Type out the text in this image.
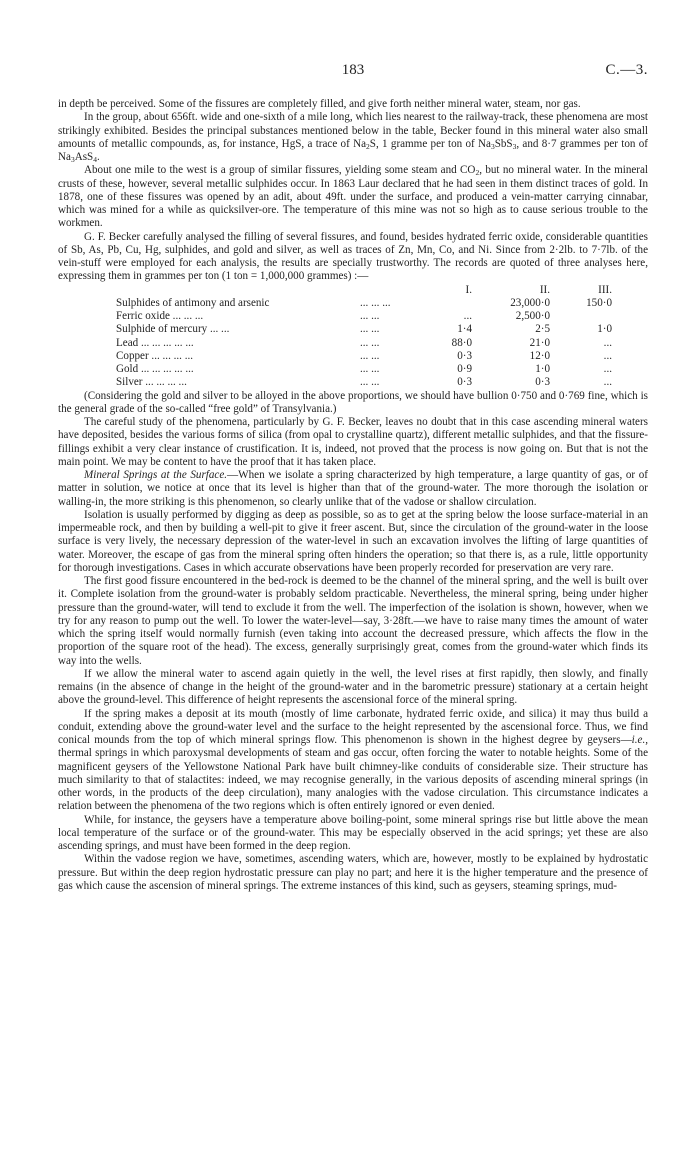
183	C.—3.

in depth be perceived. Some of the fissures are completely filled, and give forth neither mineral water, steam, nor gas.

In the group, about 656ft. wide and one-sixth of a mile long, which lies nearest to the railway-track, these phenomena are most strikingly exhibited. Besides the principal substances mentioned below in the table, Becker found in this mineral water also small amounts of metallic compounds, as, for instance, HgS, a trace of $Na_2S$, 1 gramme per ton of $Na_3SbS_3$, and 8·7 grammes per ton of $Na_3AsS_4$.

About one mile to the west is a group of similar fissures, yielding some steam and $CO_2$, but no mineral water. In the mineral crusts of these, however, several metallic sulphides occur. In 1863 Laur declared that he had seen in them distinct traces of gold. In 1878, one of these fissures was opened by an adit, about 49ft. under the surface, and produced a vein-matter carrying cinnabar, which was mined for a while as quicksilver-ore. The temperature of this mine was not so high as to cause serious trouble to the workmen.

G. F. Becker carefully analysed the filling of several fissures, and found, besides hydrated ferric oxide, considerable quantities of Sb, As, Pb, Cu, Hg, sulphides, and gold and silver, as well as traces of Zn, Mn, Co, and Ni. Since from 2·2lb. to 7·7lb. of the vein-stuff were employed for each analysis, the results are specially trustworthy. The records are quoted of three analyses here, expressing them in grammes per ton (1 ton = 1,000,000 grammes) :—

		I.	II.	III.
Sulphides of antimony and arsenic	... ... ...		23,000·0	150·0
Ferric oxide ... ... ...	... ...	...	2,500·0	
Sulphide of mercury ... ...	... ...	1·4	2·5	1·0
Lead ... ... ... ... ...	... ...	88·0	21·0	...
Copper ... ... ... ...	... ...	0·3	12·0	...
Gold ... ... ... ... ...	... ...	0·9	1·0	...
Silver ... ... ... ...	... ...	0·3	0·3	...

(Considering the gold and silver to be alloyed in the above proportions, we should have bullion 0·750 and 0·769 fine, which is the general grade of the so-called “free gold” of Transylvania.)

The careful study of the phenomena, particularly by G. F. Becker, leaves no doubt that in this case ascending mineral waters have deposited, besides the various forms of silica (from opal to crystalline quartz), different metallic sulphides, and that the fissure-fillings exhibit a very clear instance of crustification. It is, indeed, not proved that the process is now going on. But that is not the main point. We may be content to have the proof that it has taken place.

Mineral Springs at the Surface.—When we isolate a spring characterized by high temperature, a large quantity of gas, or of matter in solution, we notice at once that its level is higher than that of the ground-water. The more thorough the isolation or walling-in, the more striking is this phenomenon, so clearly unlike that of the vadose or shallow circulation.

Isolation is usually performed by digging as deep as possible, so as to get at the spring below the loose surface-material in an impermeable rock, and then by building a well-pit to give it freer ascent. But, since the circulation of the ground-water in the loose surface is very lively, the necessary depression of the water-level in such an excavation involves the lifting of large quantities of water. Moreover, the escape of gas from the mineral spring often hinders the operation; so that there is, as a rule, little opportunity for thorough investigations. Cases in which accurate observations have been properly recorded for preservation are very rare.

The first good fissure encountered in the bed-rock is deemed to be the channel of the mineral spring, and the well is built over it. Complete isolation from the ground-water is probably seldom practicable. Nevertheless, the mineral spring, being under higher pressure than the ground-water, will tend to exclude it from the well. The imperfection of the isolation is shown, however, when we try for any reason to pump out the well. To lower the water-level—say, 3·28ft.—we have to raise many times the amount of water which the spring itself would normally furnish (even taking into account the decreased pressure, which affects the flow in the proportion of the square root of the head). The excess, generally surprisingly great, comes from the ground-water which finds its way into the wells.

If we allow the mineral water to ascend again quietly in the well, the level rises at first rapidly, then slowly, and finally remains (in the absence of change in the height of the ground-water and in the barometric pressure) stationary at a certain height above the ground-level. This difference of height represents the ascensional force of the mineral spring.

If the spring makes a deposit at its mouth (mostly of lime carbonate, hydrated ferric oxide, and silica) it may thus build a conduit, extending above the ground-water level and the surface to the height represented by the ascensional force. Thus, we find conical mounds from the top of which mineral springs flow. This phenomenon is shown in the highest degree by geysers—i.e., thermal springs in which paroxysmal developments of steam and gas occur, often forcing the water to notable heights. Some of the magnificent geysers of the Yellowstone National Park have built chimney-like conduits of considerable size. Their structure has much similarity to that of stalactites: indeed, we may recognise generally, in the various deposits of ascending mineral springs (in other words, in the products of the deep circulation), many analogies with the vadose circulation. This circumstance indicates a relation between the phenomena of the two regions which is often entirely ignored or even denied.

While, for instance, the geysers have a temperature above boiling-point, some mineral springs rise but little above the mean local temperature of the surface or of the ground-water. This may be especially observed in the acid springs; yet these are also ascending springs, and must have been formed in the deep region.

Within the vadose region we have, sometimes, ascending waters, which are, however, mostly to be explained by hydrostatic pressure. But within the deep region hydrostatic pressure can play no part; and here it is the higher temperature and the presence of gas which cause the ascension of mineral springs. The extreme instances of this kind, such as geysers, steaming springs, mud-
